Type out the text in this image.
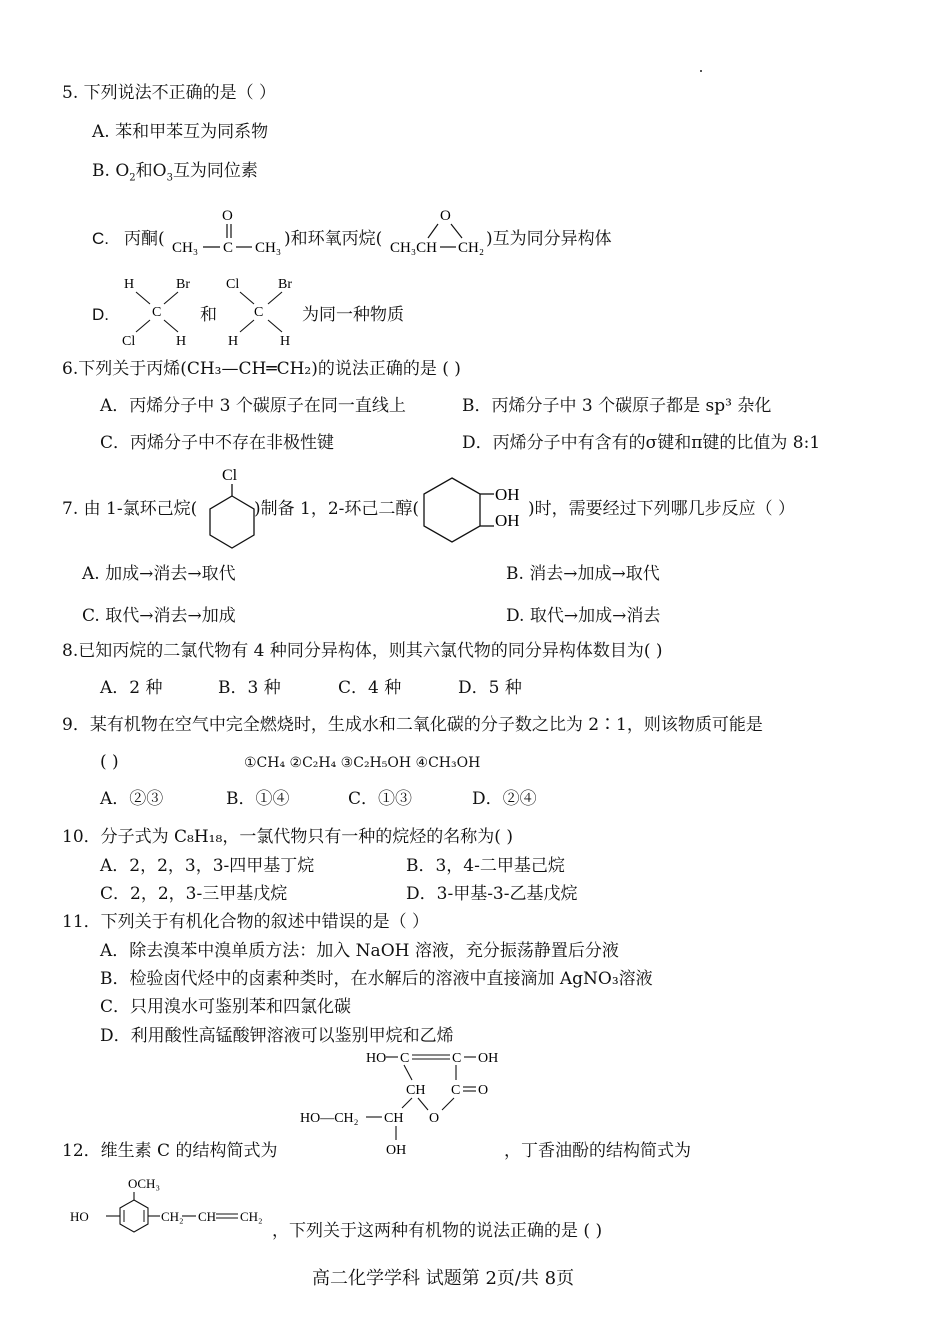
5. 下列说法不正确的是（ ）
A. 苯和甲苯互为同系物
B. $O_2$和$O_3$互为同位素
C. 丙酮(
O
CH₃ C CH₃ )和环氧丙烷(
O
CH₃CH CH₂ )互为同分异构体
D.
H	Br
C
Cl	H
和
Cl	Br
C
H	H
为同一种物质
6.下列关于丙烯(CH₃—CH═CH₂)的说法正确的是 ( )
A．丙烯分子中 3 个碳原子在同一直线上	B．丙烯分子中 3 个碳原子都是 sp³ 杂化
C．丙烯分子中不存在非极性键	D．丙烯分子中有含有的σ键和π键的比值为 8:1
7. 由 1-氯环己烷(
Cl
)制备 1，2-环己二醇(
OH
OH
)时，需要经过下列哪几步反应（ ）
A. 加成→消去→取代	B. 消去→加成→取代
C. 取代→消去→加成	D. 取代→加成→消去
8.已知丙烷的二氯代物有 4 种同分异构体，则其六氯代物的同分异构体数目为( )
A．2 种	B．3 种	C．4 种	D．5 种
9．某有机物在空气中完全燃烧时，生成水和二氧化碳的分子数之比为 2∶1，则该物质可能是
( )	①CH₄ ②C₂H₄ ③C₂H₅OH ④CH₃OH
A．②③	B．①④	C．①③	D．②④
10．分子式为 C₈H₁₈，一氯代物只有一种的烷烃的名称为( )
A．2，2，3，3-四甲基丁烷	B．3，4-二甲基己烷
C．2，2，3-三甲基戊烷	D．3-甲基-3-乙基戊烷
11．下列关于有机化合物的叙述中错误的是（ ）
A．除去溴苯中溴单质方法：加入 NaOH 溶液，充分振荡静置后分液
B．检验卤代烃中的卤素种类时，在水解后的溶液中直接滴加 AgNO₃溶液
C．只用溴水可鉴别苯和四氯化碳
D．利用酸性高锰酸钾溶液可以鉴别甲烷和乙烯
HO C	C OH
CH C O
O
HO—CH₂ CH
OH
12．维生素 C 的结构简式为	，丁香油酚的结构简式为
OCH₃
HO	CH₂ CH CH₂
，下列关于这两种有机物的说法正确的是 ( )
高二化学学科 试题第 2页/共 8页
